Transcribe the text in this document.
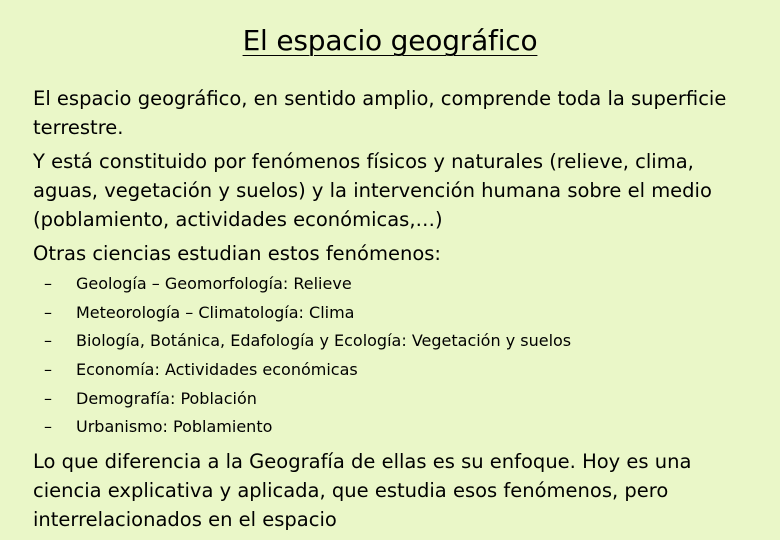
El espacio geográfico
El espacio geográfico, en sentido amplio, comprende toda la superficie terrestre.
Y está constituido por fenómenos físicos y naturales (relieve, clima, aguas, vegetación y suelos) y la intervención humana sobre el medio (poblamiento, actividades económicas,…)
Otras ciencias estudian estos fenómenos:
– Geología – Geomorfología: Relieve
– Meteorología – Climatología: Clima
– Biología, Botánica, Edafología y Ecología: Vegetación y suelos
– Economía: Actividades económicas
– Demografía: Población
– Urbanismo: Poblamiento
Lo que diferencia a la Geografía de ellas es su enfoque. Hoy es una ciencia explicativa y aplicada, que estudia esos fenómenos, pero interrelacionados en el espacio
